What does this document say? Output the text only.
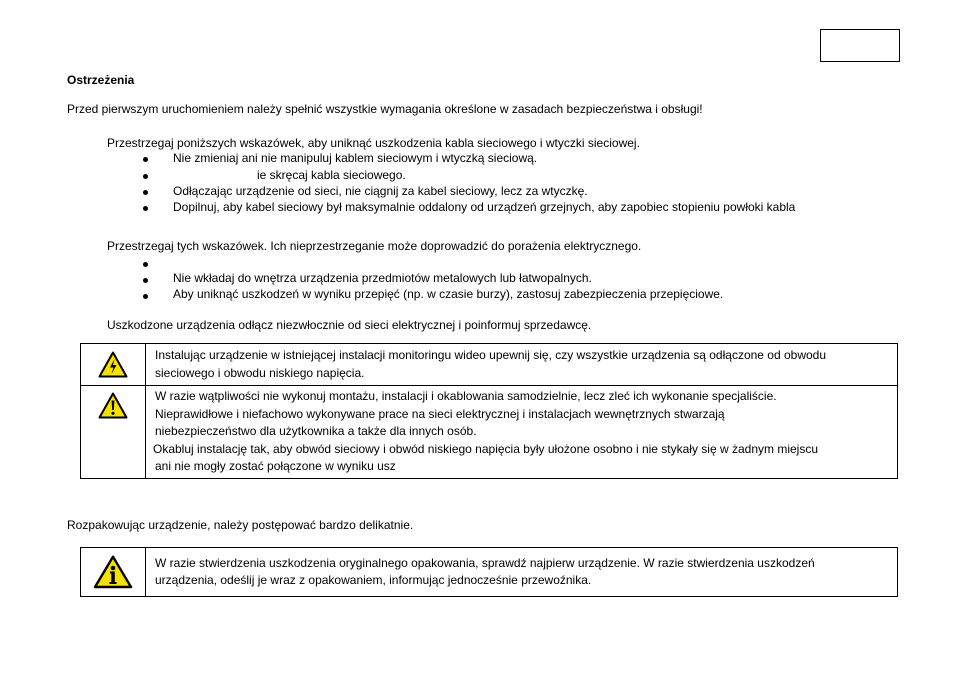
Ostrzeżenia
Przed pierwszym uruchomieniem należy spełnić wszystkie wymagania określone w zasadach bezpieczeństwa i obsługi!
Przestrzegaj poniższych wskazówek, aby uniknąć uszkodzenia kabla sieciowego i wtyczki sieciowej.
Nie zmieniaj ani nie manipuluj kablem sieciowym i wtyczką sieciową.
ie skręcaj kabla sieciowego.
Odłączając urządzenie od sieci, nie ciągnij za kabel sieciowy, lecz za wtyczkę.
Dopilnuj, aby kabel sieciowy był maksymalnie oddalony od urządzeń grzejnych, aby zapobiec stopieniu powłoki kabla
Przestrzegaj tych wskazówek. Ich nieprzestrzeganie może doprowadzić do porażenia elektrycznego.
Nie wkładaj do wnętrza urządzenia przedmiotów metalowych lub łatwopalnych.
Aby uniknąć uszkodzeń w wyniku przepięć (np. w czasie burzy), zastosuj zabezpieczenia przepięciowe.
Uszkodzone urządzenia odłącz niezwłocznie od sieci elektrycznej i poinformuj sprzedawcę.

Instalując urządzenie w istniejącej instalacji monitoringu wideo upewnij się, czy wszystkie urządzenia są odłączone od obwodu
sieciowego i obwodu niskiego napięcia.

W razie wątpliwości nie wykonuj montażu, instalacji i okablowania samodzielnie, lecz zleć ich wykonanie specjaliście.
Nieprawidłowe i niefachowo wykonywane prace na sieci elektrycznej i instalacjach wewnętrznych stwarzają
niebezpieczeństwo dla użytkownika a także dla innych osób.
Okabluj instalację tak, aby obwód sieciowy i obwód niskiego napięcia były ułożone osobno i nie stykały się w żadnym miejscu
ani nie mogły zostać połączone w wyniku usz
Rozpakowując urządzenie, należy postępować bardzo delikatnie.

W razie stwierdzenia uszkodzenia oryginalnego opakowania, sprawdź najpierw urządzenie. W razie stwierdzenia uszkodzeń
urządzenia, odeślij je wraz z opakowaniem, informując jednocześnie przewoźnika.
